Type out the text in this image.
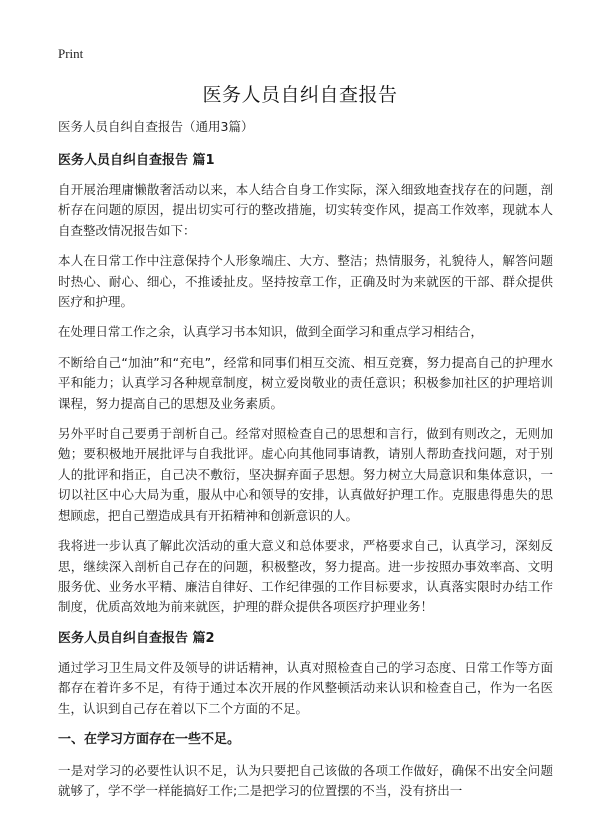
Print
医务人员自纠自查报告
医务人员自纠自查报告（通用3篇）
医务人员自纠自查报告 篇1

自开展治理庸懒散奢活动以来，本人结合自身工作实际，深入细致地查找存在的问题，剖析存在问题的原因，提出切实可行的整改措施，切实转变作风，提高工作效率，现就本人自查整改情况报告如下：

本人在日常工作中注意保持个人形象端庄、大方、整洁；热情服务，礼貌待人，解答问题时热心、耐心、细心，不推诿扯皮。坚持按章工作，正确及时为来就医的干部、群众提供医疗和护理。

在处理日常工作之余，认真学习书本知识，做到全面学习和重点学习相结合，

不断给自己“加油”和“充电”，经常和同事们相互交流、相互竞赛，努力提高自己的护理水平和能力；认真学习各种规章制度，树立爱岗敬业的责任意识；积极参加社区的护理培训课程，努力提高自己的思想及业务素质。

另外平时自己要勇于剖析自己。经常对照检查自己的思想和言行，做到有则改之，无则加勉；要积极地开展批评与自我批评。虚心向其他同事请教，请别人帮助查找问题，对于别人的批评和指正，自己决不敷衍，坚决摒弃面子思想。努力树立大局意识和集体意识，一切以社区中心大局为重，服从中心和领导的安排，认真做好护理工作。克服患得患失的思想顾虑，把自己塑造成具有开拓精神和创新意识的人。

我将进一步认真了解此次活动的重大意义和总体要求，严格要求自己，认真学习，深刻反思，继续深入剖析自己存在的问题，积极整改，努力提高。进一步按照办事效率高、文明服务优、业务水平精、廉洁自律好、工作纪律强的工作目标要求，认真落实限时办结工作制度，优质高效地为前来就医，护理的群众提供各项医疗护理业务！

医务人员自纠自查报告 篇2

通过学习卫生局文件及领导的讲话精神，认真对照检查自己的学习态度、日常工作等方面都存在着许多不足，有待于通过本次开展的作风整顿活动来认识和检查自己，作为一名医生，认识到自己存在着以下二个方面的不足。

一、在学习方面存在一些不足。

一是对学习的必要性认识不足，认为只要把自己该做的各项工作做好，确保不出安全问题就够了，学不学一样能搞好工作;二是把学习的位置摆的不当，没有挤出一
